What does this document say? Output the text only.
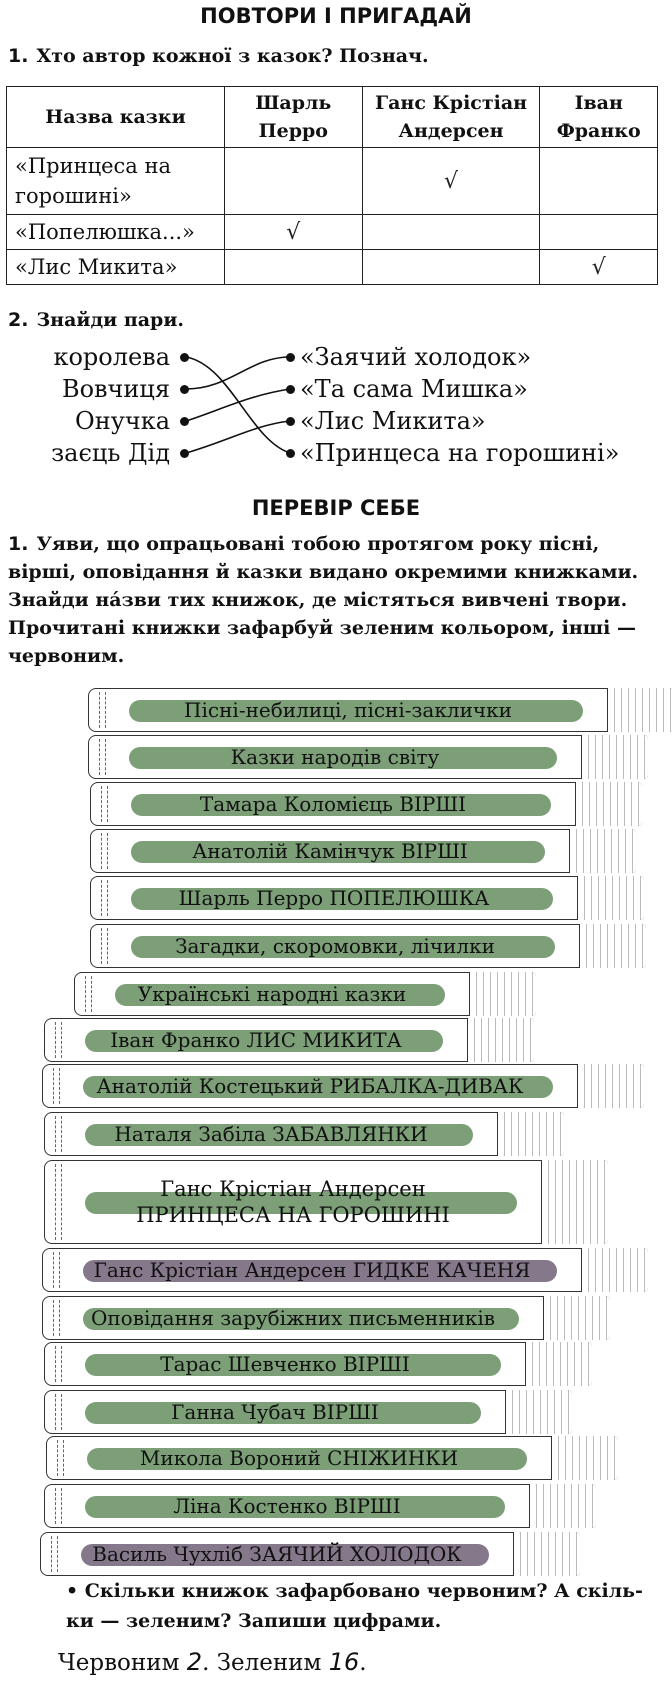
ПОВТОРИ І ПРИГАДАЙ
1. Хто автор кожної з казок? Познач.
Назва казки	Шарль Перро	Ганс Крістіан Андерсен	Іван Франко
«Принцеса на горошині»		√	
«Попелюшка...»	√		
«Лис Микита»			√
2. Знайди пари.
королева
Вовчиця
Онучка
заєць Дід
«Заячий холодок»
«Та сама Мишка»
«Лис Микита»
«Принцеса на горошині»
ПЕРЕВІР СЕБЕ
1. Уяви, що опрацьовані тобою протягом року пісні,
вірші, оповідання й казки видано окремими книжками.
Знайди нáзви тих книжок, де містяться вивчені твори.
Прочитані книжки зафарбуй зеленим кольором, інші —
червоним.
Пісні-небилиці, пісні-заклички
Казки народів світу
Тамара Коломієць ВІРШІ
Анатолій Камінчук ВІРШІ
Шарль Перро ПОПЕЛЮШКА
Загадки, скоромовки, лічилки
Українські народні казки
Іван Франко ЛИС МИКИТА
Анатолій Костецький РИБАЛКА-ДИВАК
Наталя Забіла ЗАБАВЛЯНКИ
Ганс Крістіан Андерсен
ПРИНЦЕСА НА ГОРОШИНІ
Ганс Крістіан Андерсен ГИДКЕ КАЧЕНЯ
Оповідання зарубіжних письменників
Тарас Шевченко ВІРШІ
Ганна Чубач ВІРШІ
Микола Вороний СНІЖИНКИ
Ліна Костенко ВІРШІ
Василь Чухліб ЗАЯЧИЙ ХОЛОДОК
• Скільки книжок зафарбовано червоним? А скіль-
ки — зеленим? Запиши цифрами.
Червоним 2. Зеленим 16.
